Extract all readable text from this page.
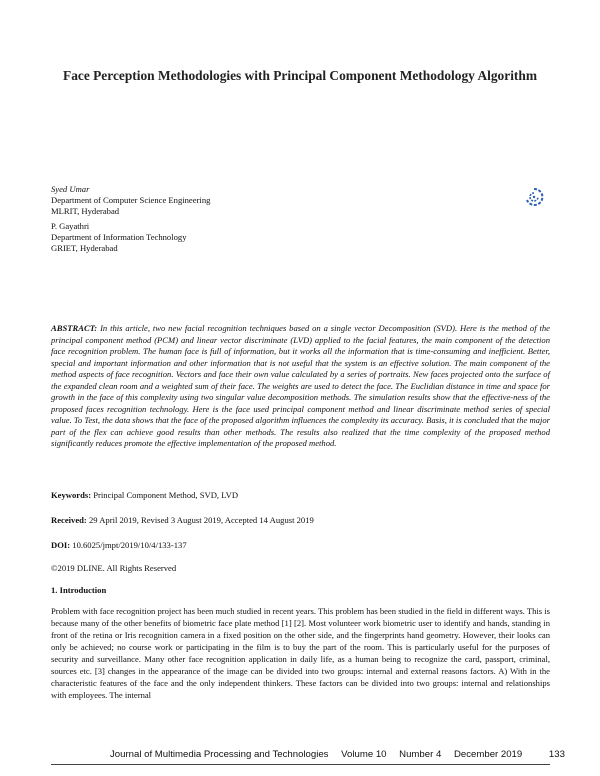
Face Perception Methodologies with Principal Component Methodology Algorithm
Syed Umar
Department of Computer Science Engineering
MLRIT, Hyderabad
P. Gayathri
Department of Information Technology
GRIET, Hyderabad
ABSTRACT: In this article, two new facial recognition techniques based on a single vector Decomposition (SVD). Here is the method of the principal component method (PCM) and linear vector discriminate (LVD) applied to the facial features, the main component of the detection face recognition problem. The human face is full of information, but it works all the information that is time-consuming and inefficient. Better, special and important information and other information that is not useful that the system is an effective solution. The main component of the method aspects of face recognition. Vectors and face their own value calculated by a series of portraits. New faces projected onto the surface of the expanded clean room and a weighted sum of their face. The weights are used to detect the face. The Euclidian distance in time and space for growth in the face of this complexity using two singular value decomposition methods. The simulation results show that the effective-ness of the proposed faces recognition technology. Here is the face used principal component method and linear discriminate method series of special value. To Test, the data shows that the face of the proposed algorithm influences the complexity its accuracy. Basis, it is concluded that the major part of the flex can achieve good results than other methods. The results also realized that the time complexity of the proposed method significantly reduces promote the effective implementation of the proposed method.
Keywords: Principal Component Method, SVD, LVD
Received: 29 April 2019, Revised 3 August 2019, Accepted 14 August 2019
DOI: 10.6025/jmpt/2019/10/4/133-137
©2019 DLINE. All Rights Reserved
1. Introduction
Problem with face recognition project has been much studied in recent years. This problem has been studied in the field in different ways. This is because many of the other benefits of biometric face plate method [1] [2]. Most volunteer work biometric user to identify and hands, standing in front of the retina or Iris recognition camera in a fixed position on the other side, and the fingerprints hand geometry. However, their looks can only be achieved; no course work or participating in the film is to buy the part of the room. This is particularly useful for the purposes of security and surveillance. Many other face recognition application in daily life, as a human being to recognize the card, passport, criminal, sources etc. [3] changes in the appearance of the image can be divided into two groups: internal and external reasons factors. A) With in the characteristic features of the face and the only independent thinkers. These factors can be divided into two groups: internal and relationships with employees. The internal
Journal of Multimedia Processing and Technologies Volume 10 Number 4 December 2019	133
